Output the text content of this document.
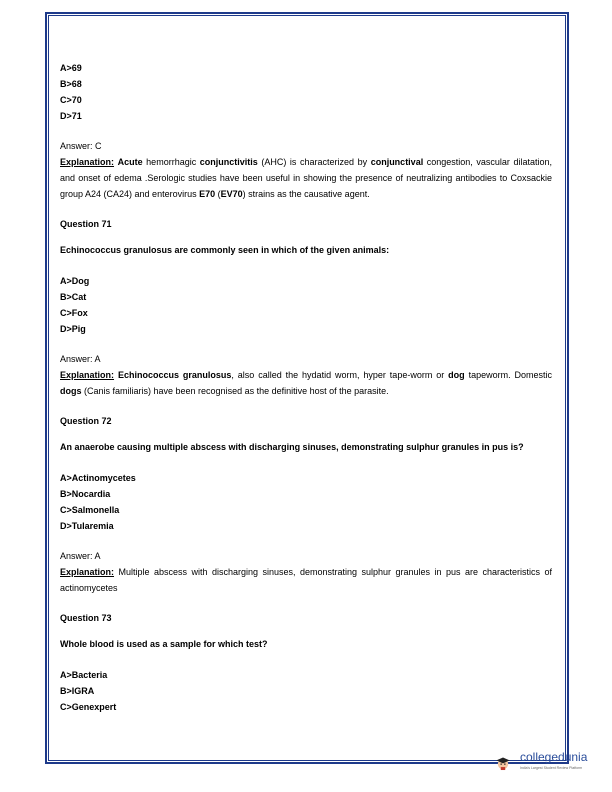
A>69
B>68
C>70
D>71
Answer: C
Explanation: Acute hemorrhagic conjunctivitis (AHC) is characterized by conjunctival congestion, vascular dilatation, and onset of edema .Serologic studies have been useful in showing the presence of neutralizing antibodies to Coxsackie group A24 (CA24) and enterovirus E70 (EV70) strains as the causative agent.
Question 71
Echinococcus granulosus are commonly seen in which of the given animals:
A>Dog
B>Cat
C>Fox
D>Pig
Answer: A
Explanation: Echinococcus granulosus, also called the hydatid worm, hyper tape-worm or dog tapeworm. Domestic dogs (Canis familiaris) have been recognised as the definitive host of the parasite.
Question 72
An anaerobe causing multiple abscess with discharging sinuses, demonstrating sulphur granules in pus is?
A>Actinomycetes
B>Nocardia
C>Salmonella
D>Tularemia
Answer: A
Explanation: Multiple abscess with discharging sinuses, demonstrating sulphur granules in pus are characteristics of actinomycetes
Question 73
Whole blood is used as a sample for which test?
A>Bacteria
B>IGRA
C>Genexpert
collegedunia
India's Largest Student Review Platform
